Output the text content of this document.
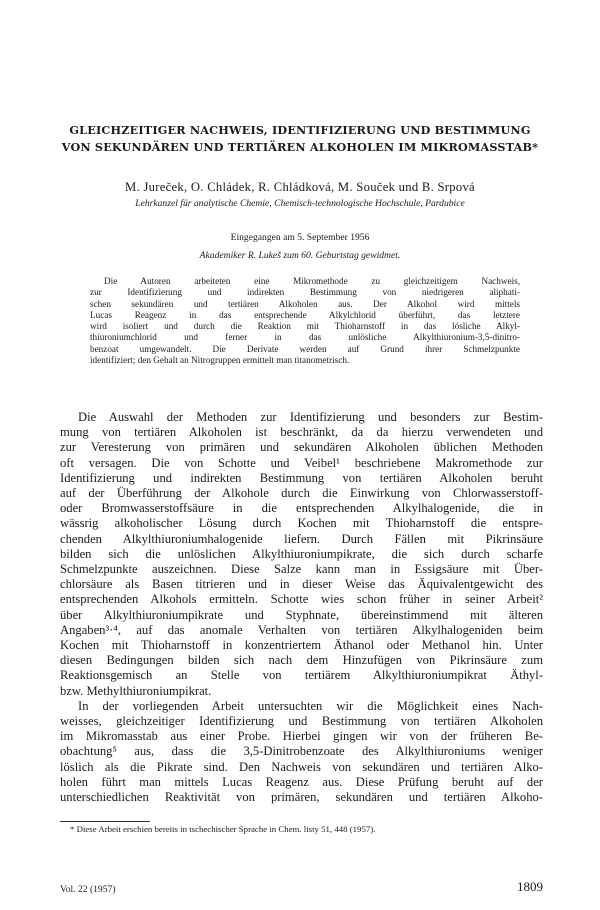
GLEICHZEITIGER NACHWEIS, IDENTIFIZIERUNG UND BESTIMMUNG
VON SEKUNDÄREN UND TERTIÄREN ALKOHOLEN IM MIKROMASSTAB*
M. Jureček, O. Chládek, R. Chládková, M. Souček und B. Srpová
Lehrkanzel für analytische Chemie, Chemisch-technologische Hochschule, Pardubice
Eingegangen am 5. September 1956
Akademiker R. Lukeš zum 60. Geburtstag gewidmet.
Die Autoren arbeiteten eine Mikromethode zu gleichzeitigem Nachweis,
zur Identifizierung und indirekten Bestimmung von niedrigeren aliphati-
schen sekundären und tertiären Alkoholen aus. Der Alkohol wird mittels
Lucas Reagenz in das entsprechende Alkylchlorid überführt, das letztere
wird isoliert und durch die Reaktion mit Thioharnstoff in das lösliche Alkyl-
thiuroniumchlorid und ferner in das unlösliche Alkylthiuronium-3,5-dinitro-
benzoat umgewandelt. Die Derivate werden auf Grund ihrer Schmelzpunkte
identifiziert; den Gehalt an Nitrogruppen ermittelt man titanometrisch.
Die Auswahl der Methoden zur Identifizierung und besonders zur Bestim-
mung von tertiären Alkoholen ist beschränkt, da da hierzu verwendeten und
zur Veresterung von primären und sekundären Alkoholen üblichen Methoden
oft versagen. Die von Schotte und Veibel¹ beschriebene Makromethode zur
Identifizierung und indirekten Bestimmung von tertiären Alkoholen beruht
auf der Überführung der Alkohole durch die Einwirkung von Chlorwasserstoff-
oder Bromwasserstoffsäure in die entsprechenden Alkylhalogenide, die in
wässrig alkoholischer Lösung durch Kochen mit Thioharnstoff die entspre-
chenden Alkylthiuroniumhalogenide liefern. Durch Fällen mit Pikrinsäure
bilden sich die unlöslichen Alkylthiuroniumpikrate, die sich durch scharfe
Schmelzpunkte auszeichnen. Diese Salze kann man in Essigsäure mit Über-
chlorsäure als Basen titrieren und in dieser Weise das Äquivalentgewicht des
entsprechenden Alkohols ermitteln. Schotte wies schon früher in seiner Arbeit²
über Alkylthiuroniumpikrate und Styphnate, übereinstimmend mit älteren
Angaben³·⁴, auf das anomale Verhalten von tertiären Alkylhalogeniden beim
Kochen mit Thioharnstoff in konzentriertem Äthanol oder Methanol hin. Unter
diesen Bedingungen bilden sich nach dem Hinzufügen von Pikrinsäure zum
Reaktionsgemisch an Stelle von tertiärem Alkylthiuroniumpikrat Äthyl-
bzw. Methylthiuroniumpikrat.
In der vorliegenden Arbeit untersuchten wir die Möglichkeit eines Nach-
weisses, gleichzeitiger Identifizierung und Bestimmung von tertiären Alkoholen
im Mikromasstab aus einer Probe. Hierbei gingen wir von der früheren Be-
obachtung⁵ aus, dass die 3,5-Dinitrobenzoate des Alkylthiuroniums weniger
löslich als die Pikrate sind. Den Nachweis von sekundären und tertiären Alko-
holen führt man mittels Lucas Reagenz aus. Diese Prüfung beruht auf der
unterschiedlichen Reaktivität von primären, sekundären und tertiären Alkoho-
* Diese Arbeit erschien bereits in tschechischer Sprache in Chem. listy 51, 448 (1957).
Vol. 22 (1957)	1809
